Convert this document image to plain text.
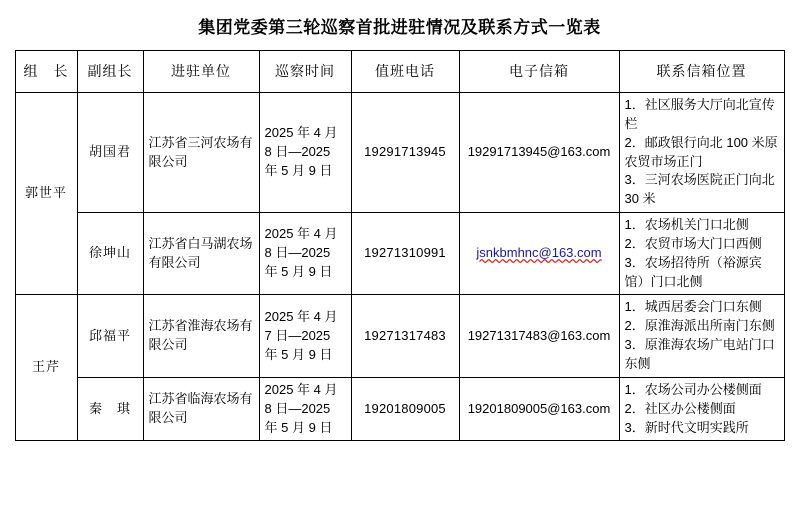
集团党委第三轮巡察首批进驻情况及联系方式一览表
组　长	副组长	进驻单位	巡察时间	值班电话	电子信箱	联系信箱位置
郭世平	胡国君	江苏省三河农场有限公司	2025 年 4 月 8 日—2025 年 5 月 9 日	19291713945	19291713945@163.com	1．社区服务大厅向北宣传栏
2．邮政银行向北 100 米原农贸市场正门
3．三河农场医院正门向北 30 米

	徐坤山	江苏省白马湖农场有限公司	2025 年 4 月 8 日—2025 年 5 月 9 日	19271310991	jsnkbmhnc@163.com	1．农场机关门口北侧
2．农贸市场大门口西侧
3．农场招待所（裕源宾馆）门口北侧

王芹	邱福平	江苏省淮海农场有限公司	2025 年 4 月 7 日—2025 年 5 月 9 日	19271317483	19271317483@163.com	1．城西居委会门口东侧
2．原淮海派出所南门东侧
3．原淮海农场广电站门口东侧

	秦　琪	江苏省临海农场有限公司	2025 年 4 月 8 日—2025 年 5 月 9 日	19201809005	19201809005@163.com	1．农场公司办公楼侧面
2．社区办公楼侧面
3．新时代文明实践所
